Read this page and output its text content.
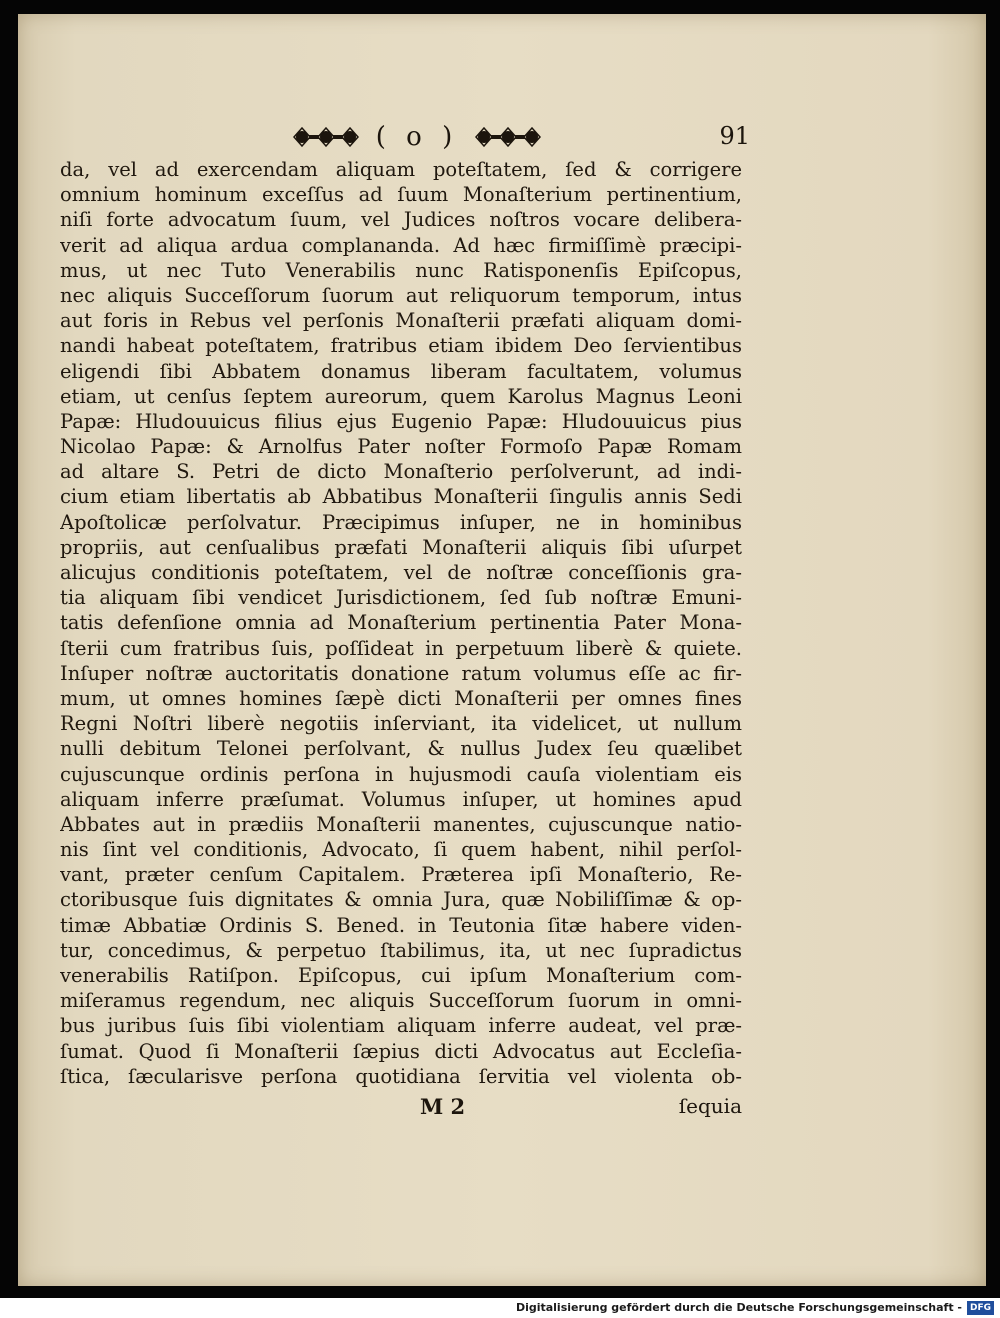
( o )	91
da, vel ad exercendam aliquam poteſtatem, ſed & corrigere
omnium hominum exceſſus ad ſuum Monaſterium pertinentium,
niſi forte advocatum ſuum, vel Judices noſtros vocare delibera-
verit ad aliqua ardua complananda. Ad hæc firmiſſimè præcipi-
mus, ut nec Tuto Venerabilis nunc Ratisponenſis Epiſcopus,
nec aliquis Succeſſorum ſuorum aut reliquorum temporum, intus
aut foris in Rebus vel perſonis Monaſterii præfati aliquam domi-
nandi habeat poteſtatem, fratribus etiam ibidem Deo ſervientibus
eligendi ſibi Abbatem donamus liberam facultatem, volumus
etiam, ut cenſus ſeptem aureorum, quem Karolus Magnus Leoni
Papæ: Hludouuicus filius ejus Eugenio Papæ: Hludouuicus pius
Nicolao Papæ: & Arnolfus Pater noſter Formoſo Papæ Romam
ad altare S. Petri de dicto Monaſterio perſolverunt, ad indi-
cium etiam libertatis ab Abbatibus Monaſterii ſingulis annis Sedi
Apoſtolicæ perſolvatur. Præcipimus inſuper, ne in hominibus
propriis, aut cenſualibus præfati Monaſterii aliquis ſibi uſurpet
alicujus conditionis poteſtatem, vel de noſtræ conceſſionis gra-
tia aliquam ſibi vendicet Jurisdictionem, ſed ſub noſtræ Emuni-
tatis defenſione omnia ad Monaſterium pertinentia Pater Mona-
ſterii cum fratribus ſuis, poſſideat in perpetuum liberè & quiete.
Inſuper noſtræ auctoritatis donatione ratum volumus eſſe ac fir-
mum, ut omnes homines ſæpè dicti Monaſterii per omnes fines
Regni Noſtri liberè negotiis inſerviant, ita videlicet, ut nullum
nulli debitum Telonei perſolvant, & nullus Judex ſeu quælibet
cujuscunque ordinis perſona in hujusmodi cauſa violentiam eis
aliquam inferre præſumat. Volumus inſuper, ut homines apud
Abbates aut in prædiis Monaſterii manentes, cujuscunque natio-
nis ſint vel conditionis, Advocato, ſi quem habent, nihil perſol-
vant, præter cenſum Capitalem. Præterea ipſi Monaſterio, Re-
ctoribusque ſuis dignitates & omnia Jura, quæ Nobiliſſimæ & op-
timæ Abbatiæ Ordinis S. Bened. in Teutonia ſitæ habere viden-
tur, concedimus, & perpetuo ſtabilimus, ita, ut nec ſupradictus
venerabilis Ratiſpon. Epiſcopus, cui ipſum Monaſterium com-
miſeramus regendum, nec aliquis Succeſſorum ſuorum in omni-
bus juribus ſuis ſibi violentiam aliquam inferre audeat, vel præ-
ſumat. Quod ſi Monaſterii ſæpius dicti Advocatus aut Eccleſia-
ſtica, ſæcularisve perſona quotidiana ſervitia vel violenta ob-
M 2	ſequia
Digitalisierung gefördert durch die Deutsche Forschungsgemeinschaft - DFG
